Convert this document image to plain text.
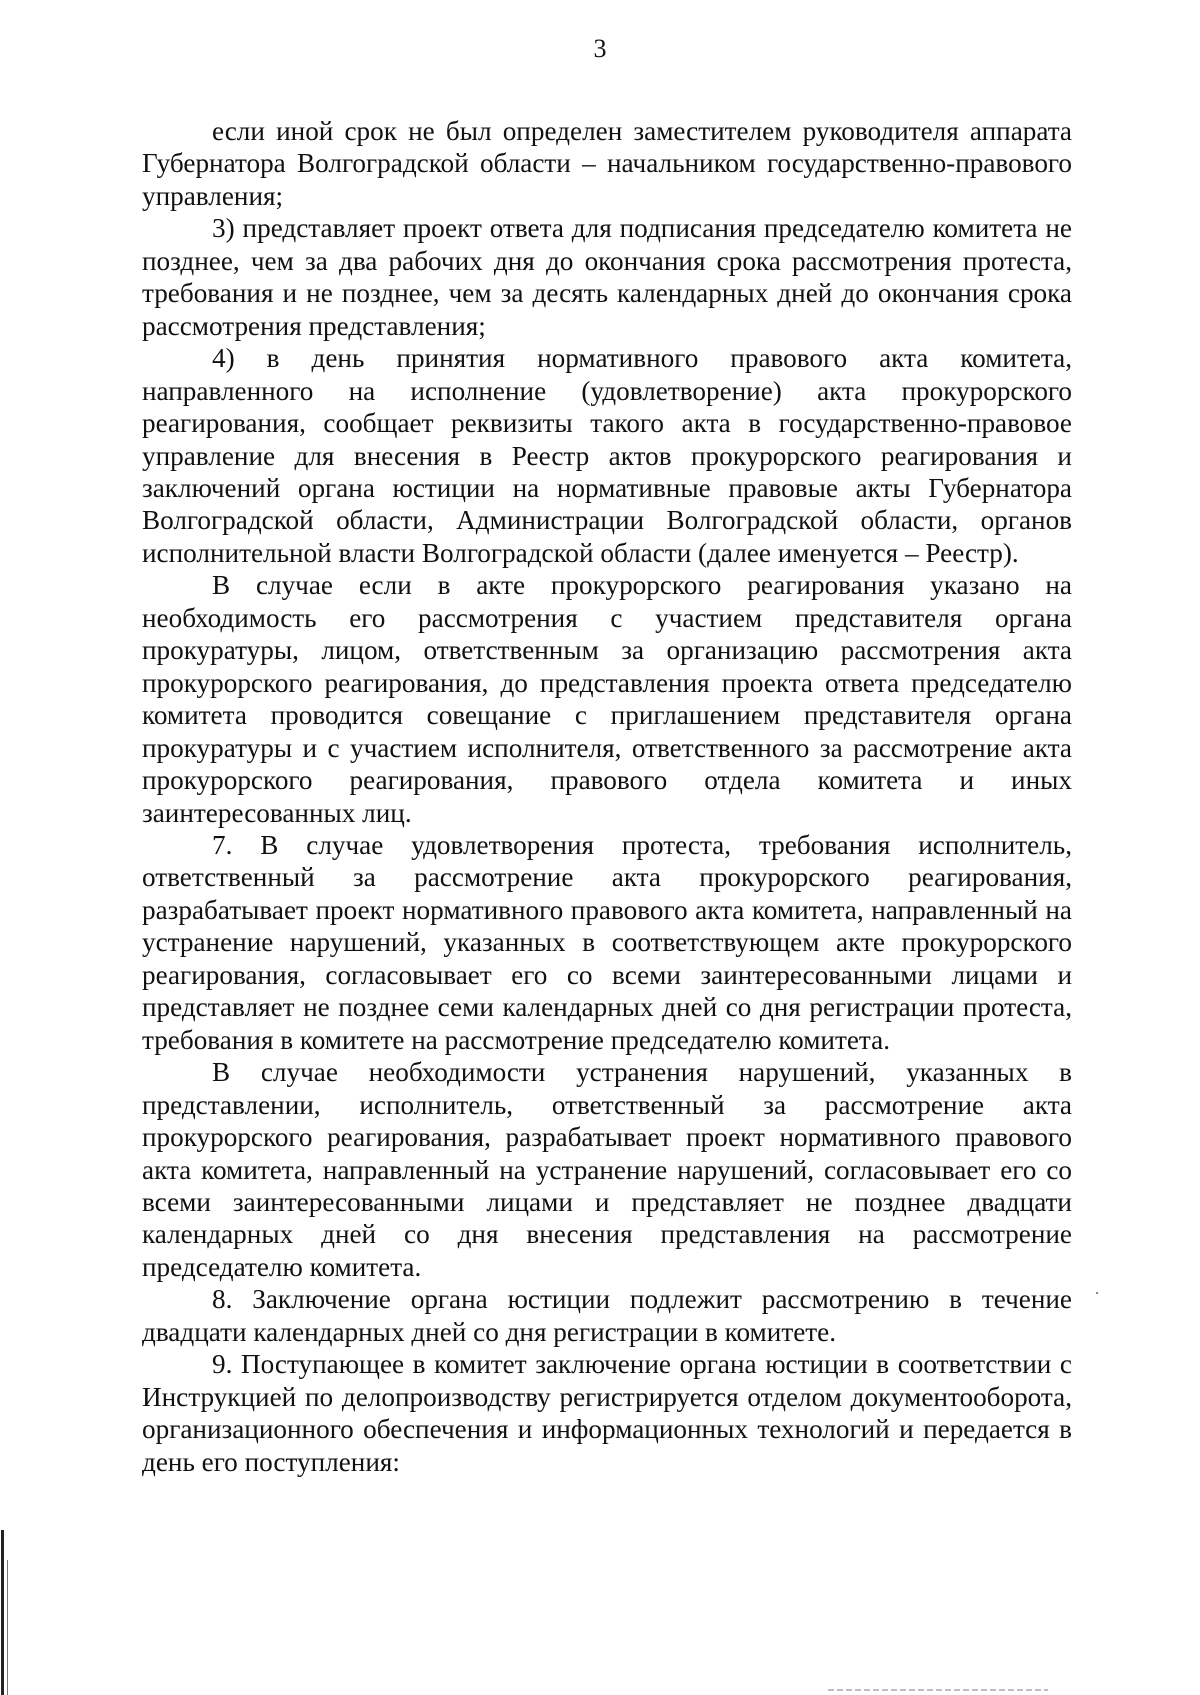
3

если иной срок не был определен заместителем руководителя аппарата Губернатора Волгоградской области – начальником государственно-правового управления;

3) представляет проект ответа для подписания председателю комитета не позднее, чем за два рабочих дня до окончания срока рассмотрения протеста, требования и не позднее, чем за десять календарных дней до окончания срока рассмотрения представления;

4) в день принятия нормативного правового акта комитета, направленного на исполнение (удовлетворение) акта прокурорского реагирования, сообщает реквизиты такого акта в государственно-правовое управление для внесения в Реестр актов прокурорского реагирования и заключений органа юстиции на нормативные правовые акты Губернатора Волгоградской области, Администрации Волгоградской области, органов исполнительной власти Волгоградской области (далее именуется – Реестр).

В случае если в акте прокурорского реагирования указано на необходимость его рассмотрения с участием представителя органа прокуратуры, лицом, ответственным за организацию рассмотрения акта прокурорского реагирования, до представления проекта ответа председателю комитета проводится совещание с приглашением представителя органа прокуратуры и с участием исполнителя, ответственного за рассмотрение акта прокурорского реагирования, правового отдела комитета и иных заинтересованных лиц.

7. В случае удовлетворения протеста, требования исполнитель, ответственный за рассмотрение акта прокурорского реагирования, разрабатывает проект нормативного правового акта комитета, направленный на устранение нарушений, указанных в соответствующем акте прокурорского реагирования, согласовывает его со всеми заинтересованными лицами и представляет не позднее семи календарных дней со дня регистрации протеста, требования в комитете на рассмотрение председателю комитета.

В случае необходимости устранения нарушений, указанных в представлении, исполнитель, ответственный за рассмотрение акта прокурорского реагирования, разрабатывает проект нормативного правового акта комитета, направленный на устранение нарушений, согласовывает его со всеми заинтересованными лицами и представляет не позднее двадцати календарных дней со дня внесения представления на рассмотрение председателю комитета.

8. Заключение органа юстиции подлежит рассмотрению в течение двадцати календарных дней со дня регистрации в комитете.

9. Поступающее в комитет заключение органа юстиции в соответствии с Инструкцией по делопроизводству регистрируется отделом документооборота, организационного обеспечения и информационных технологий и передается в день его поступления:
